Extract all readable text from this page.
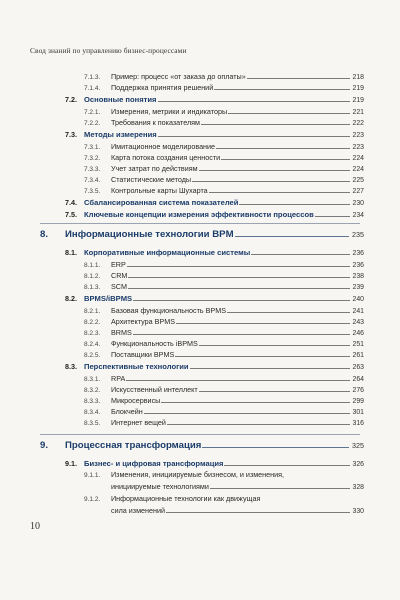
Свод знаний по управлению бизнес-процессами
7.1.3.	Пример: процесс «от заказа до оплаты»	218
7.1.4.	Поддержка принятия решений	219
7.2. Основные понятия	219
7.2.1.	Измерения, метрики и индикаторы	221
7.2.2.	Требования к показателям	222
7.3. Методы измерения	223
7.3.1.	Имитационное моделирование	223
7.3.2.	Карта потока создания ценности	224
7.3.3.	Учет затрат по действиям	224
7.3.4.	Статистические методы	225
7.3.5.	Контрольные карты Шухарта	227
7.4. Сбалансированная система показателей	230
7.5. Ключевые концепции измерения эффективности процессов	234
8.	Информационные технологии BPM	235
8.1. Корпоративные информационные системы	236
8.1.1.	ERP	236
8.1.2.	CRM	238
8.1.3.	SCM	239
8.2. BPMS/iBPMS	240
8.2.1.	Базовая функциональность BPMS	241
8.2.2.	Архитектура BPMS	243
8.2.3.	BRMS	246
8.2.4.	Функциональность iBPMS	251
8.2.5.	Поставщики BPMS	261
8.3. Перспективные технологии	263
8.3.1.	RPA	264
8.3.2.	Искусственный интеллект	276
8.3.3.	Микросервисы	299
8.3.4.	Блокчейн	301
8.3.5.	Интернет вещей	316
9.	Процессная трансформация	325
9.1. Бизнес- и цифровая трансформация	326
9.1.1.	Изменения, инициируемые бизнесом, и изменения,
инициируемые технологиями	328
9.1.2.	Информационные технологии как движущая
сила изменений	330
10
